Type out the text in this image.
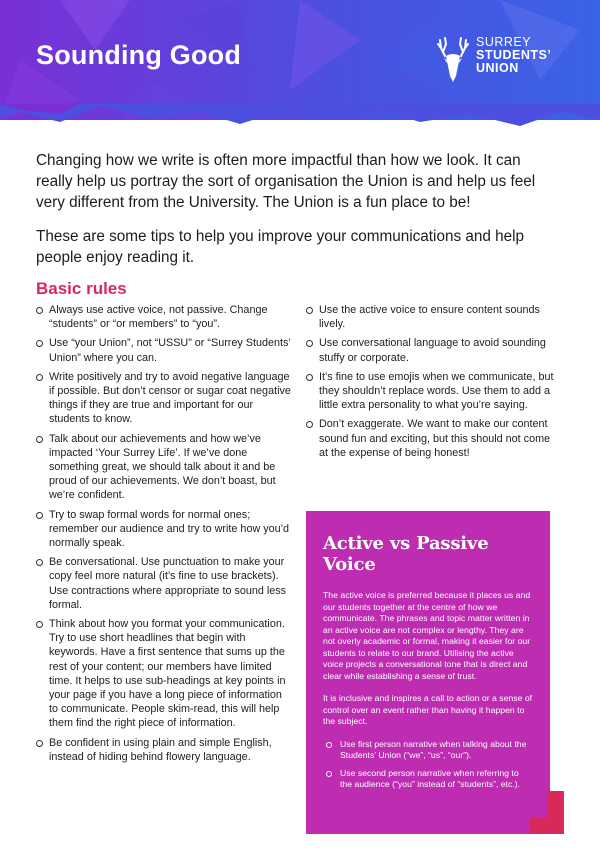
Sounding Good	SURREY
STUDENTS’
UNION

Changing how we write is often more impactful than how we look. It can really help us portray the sort of organisation the Union is and help us feel very different from the University. The Union is a fun place to be!

These are some tips to help you improve your communications and help people enjoy reading it.

Basic rules
Always use active voice, not passive. Change “students” or “or members” to “you”.
Use “your Union”, not “USSU” or “Surrey Students’ Union” where you can.
Write positively and try to avoid negative language if possible. But don’t censor or sugar coat negative things if they are true and important for our students to know.
Talk about our achievements and how we’ve impacted ‘Your Surrey Life’. If we’ve done something great, we should talk about it and be proud of our achievements. We don’t boast, but we’re confident.
Try to swap formal words for normal ones; remember our audience and try to write how you’d normally speak.
Be conversational. Use punctuation to make your copy feel more natural (it’s fine to use brackets). Use contractions where appropriate to sound less formal.
Think about how you format your communication. Try to use short headlines that begin with keywords. Have a first sentence that sums up the rest of your content; our members have limited time. It helps to use sub-headings at key points in your page if you have a long piece of information to communicate. People skim-read, this will help them find the right piece of information.
Be confident in using plain and simple English, instead of hiding behind flowery language.
Use the active voice to ensure content sounds lively.
Use conversational language to avoid sounding stuffy or corporate.
It’s fine to use emojis when we communicate, but they shouldn’t replace words. Use them to add a little extra personality to what you’re saying.
Don’t exaggerate. We want to make our content sound fun and exciting, but this should not come at the expense of being honest!
Active vs Passive Voice

The active voice is preferred because it places us and our students together at the centre of how we communicate. The phrases and topic matter written in an active voice are not complex or lengthy. They are not overly academic or formal, making it easier for our students to relate to our brand. Utilising the active voice projects a conversational tone that is direct and clear while establishing a sense of trust.

It is inclusive and inspires a call to action or a sense of control over an event rather than having it happen to the subject.

Use first person narrative when talking about the Students’ Union (“we”, “us”, “our”).
Use second person narrative when referring to the audience (“you” instead of “students”, etc.).
